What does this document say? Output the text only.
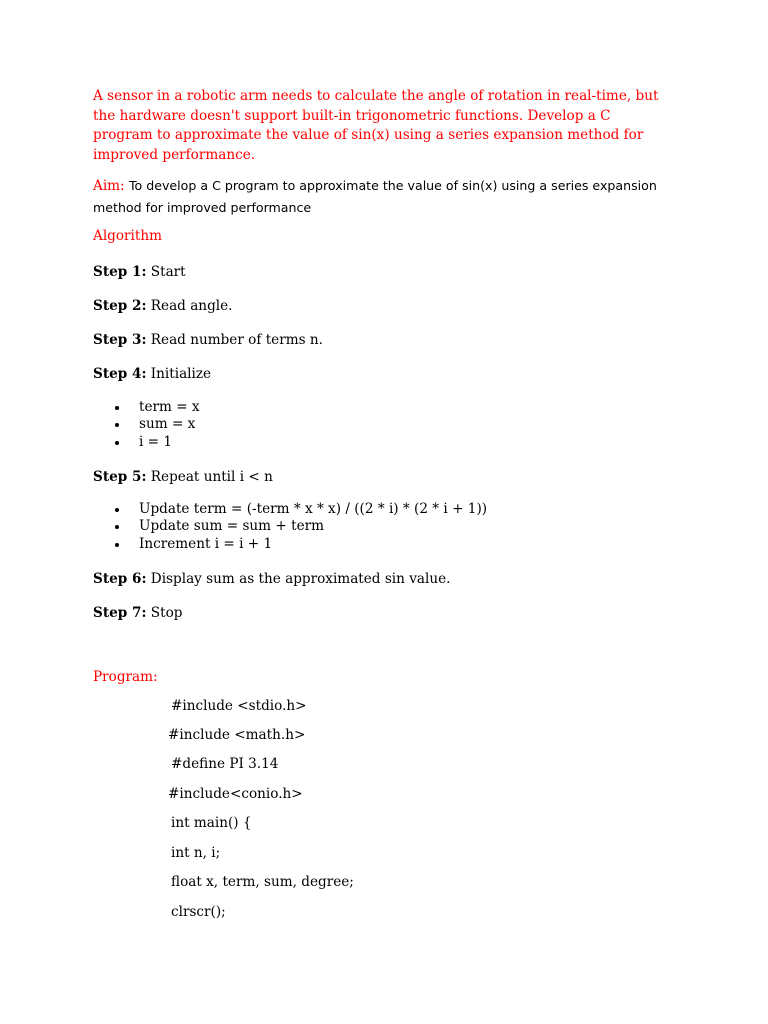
A sensor in a robotic arm needs to calculate the angle of rotation in real-time, but the hardware doesn't support built-in trigonometric functions. Develop a C program to approximate the value of sin(x) using a series expansion method for improved performance.

Aim: To develop a C program to approximate the value of sin(x) using a series expansion method for improved performance

Algorithm

Step 1: Start

Step 2: Read angle.

Step 3: Read number of terms n.

Step 4: Initialize

term = x
sum = x
i = 1

Step 5: Repeat until i < n

Update term = (-term * x * x) / ((2 * i) * (2 * i + 1))
Update sum = sum + term
Increment i = i + 1

Step 6: Display sum as the approximated sin value.

Step 7: Stop

Program:

#include <stdio.h>

#include <math.h>

#define PI 3.14

#include<conio.h>

int main() {

int n, i;

float x, term, sum, degree;

clrscr();
